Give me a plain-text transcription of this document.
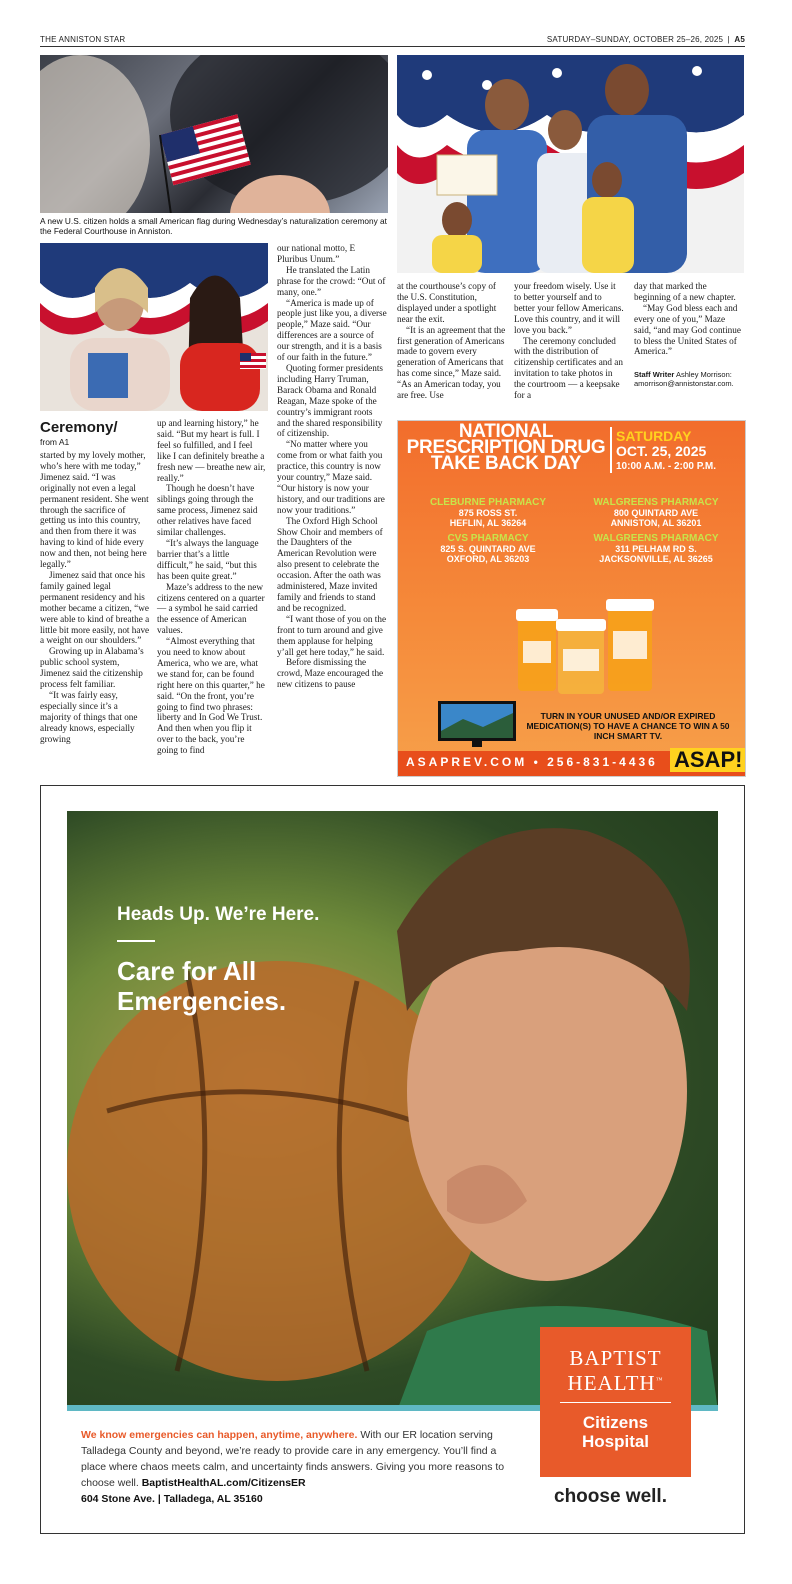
THE ANNISTON STAR	SATURDAY–SUNDAY, OCTOBER 25–26, 2025 | A5
A new U.S. citizen holds a small American flag during Wednesday’s naturalization ceremony at the Federal Courthouse in Anniston.
Ceremony/
from A1

started by my lovely mother, who’s here with me today,” Jimenez said. “I was originally not even a legal permanent resident. She went through the sacrifice of getting us into this country, and then from there it was having to kind of hide every now and then, not being here legally.”

Jimenez said that once his family gained legal permanent residency and his mother became a citizen, “we were able to kind of breathe a little bit more easily, not have a weight on our shoulders.”

Growing up in Alabama’s public school system, Jimenez said the citizenship process felt familiar.

“It was fairly easy, especially since it’s a majority of things that one already knows, especially growing

up and learning history,” he said. “But my heart is full. I feel so fulfilled, and I feel like I can definitely breathe a fresh new — breathe new air, really.”

Though he doesn’t have siblings going through the same process, Jimenez said other relatives have faced similar challenges.

“It’s always the language barrier that’s a little difficult,” he said, “but this has been quite great.”

Maze’s address to the new citizens centered on a quarter — a symbol he said carried the essence of American values.

“Almost everything that you need to know about America, who we are, what we stand for, can be found right here on this quarter,” he said. “On the front, you’re going to find two phrases: liberty and In God We Trust. And then when you flip it over to the back, you’re going to find

our national motto, E Pluribus Unum.”

He translated the Latin phrase for the crowd: “Out of many, one.”

“America is made up of people just like you, a diverse people,” Maze said. “Our differences are a source of our strength, and it is a basis of our faith in the future.”

Quoting former presidents including Harry Truman, Barack Obama and Ronald Reagan, Maze spoke of the country’s immigrant roots and the shared responsibility of citizenship.

“No matter where you come from or what faith you practice, this country is now your country,” Maze said. “Our history is now your history, and our traditions are now your traditions.”

The Oxford High School Show Choir and members of the Daughters of the American Revolution were also present to celebrate the occasion. After the oath was administered, Maze invited family and friends to stand and be recognized.

“I want those of you on the front to turn around and give them applause for helping y’all get here today,” he said.

Before dismissing the crowd, Maze encouraged the new citizens to pause

at the courthouse’s copy of the U.S. Constitution, displayed under a spotlight near the exit.

“It is an agreement that the first generation of Americans made to govern every generation of Americans that has come since,” Maze said. “As an American today, you are free. Use

your freedom wisely. Use it to better yourself and to better your fellow Americans. Love this country, and it will love you back.”

The ceremony concluded with the distribution of citizenship certificates and an invitation to take photos in the courtroom — a keepsake for a

day that marked the beginning of a new chapter.

“May God bless each and every one of you,” Maze said, “and may God continue to bless the United States of America.”

Staff Writer Ashley Morrison: amorrison@annistonstar.com.
NATIONAL
PRESCRIPTION DRUG
TAKE BACK DAY
SATURDAY
OCT. 25, 2025
10:00 A.M. - 2:00 P.M.
CLEBURNE PHARMACY
875 ROSS ST.
HEFLIN, AL 36264
WALGREENS PHARMACY
800 QUINTARD AVE
ANNISTON, AL 36201
CVS PHARMACY
825 S. QUINTARD AVE
OXFORD, AL 36203
WALGREENS PHARMACY
311 PELHAM RD S.
JACKSONVILLE, AL 36265
TURN IN YOUR UNUSED AND/OR EXPIRED MEDICATION(S) TO HAVE A CHANCE TO WIN A 50 INCH SMART TV.
ASAPREV.COM • 256-831-4436 ASAP!
Heads Up. We’re Here.
Care for All
Emergencies.
BAPTIST
HEALTH™
Citizens
Hospital
We know emergencies can happen, anytime, anywhere. With our ER location serving Talladega County and beyond, we’re ready to provide care in any emergency. You’ll find a place where chaos meets calm, and uncertainty finds answers. Giving you more reasons to choose well. BaptistHealthAL.com/CitizensER
604 Stone Ave. | Talladega, AL 35160	choose well.
